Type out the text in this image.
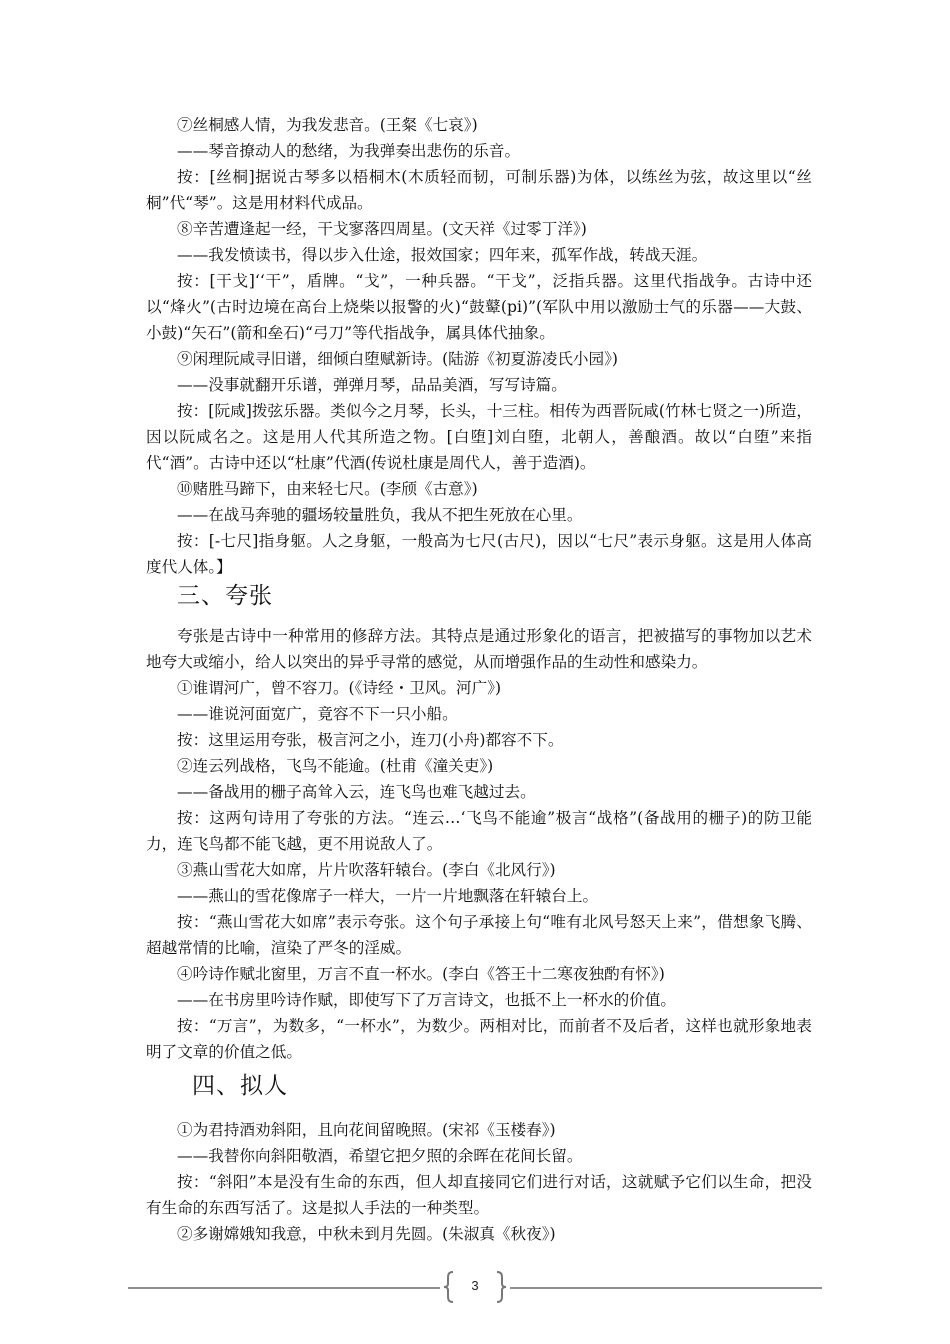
⑦丝桐感人情，为我发悲音。(王粲《七哀》)

——琴音撩动人的愁绪，为我弹奏出悲伤的乐音。

按：[丝桐]据说古琴多以梧桐木(木质轻而韧，可制乐器)为体，以练丝为弦，故这里以“丝桐”代“琴”。这是用材料代成品。

⑧辛苦遭逢起一经，干戈寥落四周星。(文天祥《过零丁洋》)

——我发愤读书，得以步入仕途，报效国家；四年来，孤军作战，转战天涯。

按：[干戈]‘‘干”，盾牌。“戈”，一种兵器。“干戈”，泛指兵器。这里代指战争。古诗中还以“烽火”(古时边境在高台上烧柴以报警的火)“鼓鼙(pi)”(军队中用以激励士气的乐器——大鼓、小鼓)“矢石”(箭和垒石)“弓刀”等代指战争，属具体代抽象。

⑨闲理阮咸寻旧谱，细倾白堕赋新诗。(陆游《初夏游凌氏小园》)

——没事就翻开乐谱，弹弹月琴，品品美酒，写写诗篇。

按：[阮咸]拨弦乐器。类似今之月琴，长头，十三柱。相传为西晋阮咸(竹林七贤之一)所造，因以阮咸名之。这是用人代其所造之物。[白堕]刘白堕，北朝人，善酿酒。故以“白堕”来指代“酒”。古诗中还以“杜康”代酒(传说杜康是周代人，善于造酒)。

⑩赌胜马蹄下，由来轻七尺。(李颀《古意》)

——在战马奔驰的疆场较量胜负，我从不把生死放在心里。

按：[-七尺]指身躯。人之身躯，一般高为七尺(古尺)，因以“七尺”表示身躯。这是用人体高度代人体。】

三、夸张

夸张是古诗中一种常用的修辞方法。其特点是通过形象化的语言，把被描写的事物加以艺术地夸大或缩小，给人以突出的异乎寻常的感觉，从而增强作品的生动性和感染力。

①谁谓河广，曾不容刀。(《诗经・卫风。河广》)

——谁说河面宽广，竟容不下一只小船。

按：这里运用夸张，极言河之小，连刀(小舟)都容不下。

②连云列战格，飞鸟不能逾。(杜甫《潼关吏》)

——备战用的栅子高耸入云，连飞鸟也难飞越过去。

按：这两句诗用了夸张的方法。“连云…‘飞鸟不能逾”极言“战格”(备战用的栅子)的防卫能力，连飞鸟都不能飞越，更不用说敌人了。

③燕山雪花大如席，片片吹落轩辕台。(李白《北风行》)

——燕山的雪花像席子一样大，一片一片地飘落在轩辕台上。

按：“燕山雪花大如席”表示夸张。这个句子承接上句“唯有北风号怒天上来”，借想象飞腾、超越常情的比喻，渲染了严冬的淫威。

④吟诗作赋北窗里，万言不直一杯水。(李白《答王十二寒夜独酌有怀》)

——在书房里吟诗作赋，即使写下了万言诗文，也抵不上一杯水的价值。

按：“万言”，为数多，“一杯水”，为数少。两相对比，而前者不及后者，这样也就形象地表明了文章的价值之低。

四、拟人

①为君持酒劝斜阳，且向花间留晚照。(宋祁《玉楼春》)

——我替你向斜阳敬酒，希望它把夕照的余晖在花间长留。

按：“斜阳”本是没有生命的东西，但人却直接同它们进行对话，这就赋予它们以生命，把没有生命的东西写活了。这是拟人手法的一种类型。

②多谢嫦娥知我意，中秋未到月先圆。(朱淑真《秋夜》)

3
